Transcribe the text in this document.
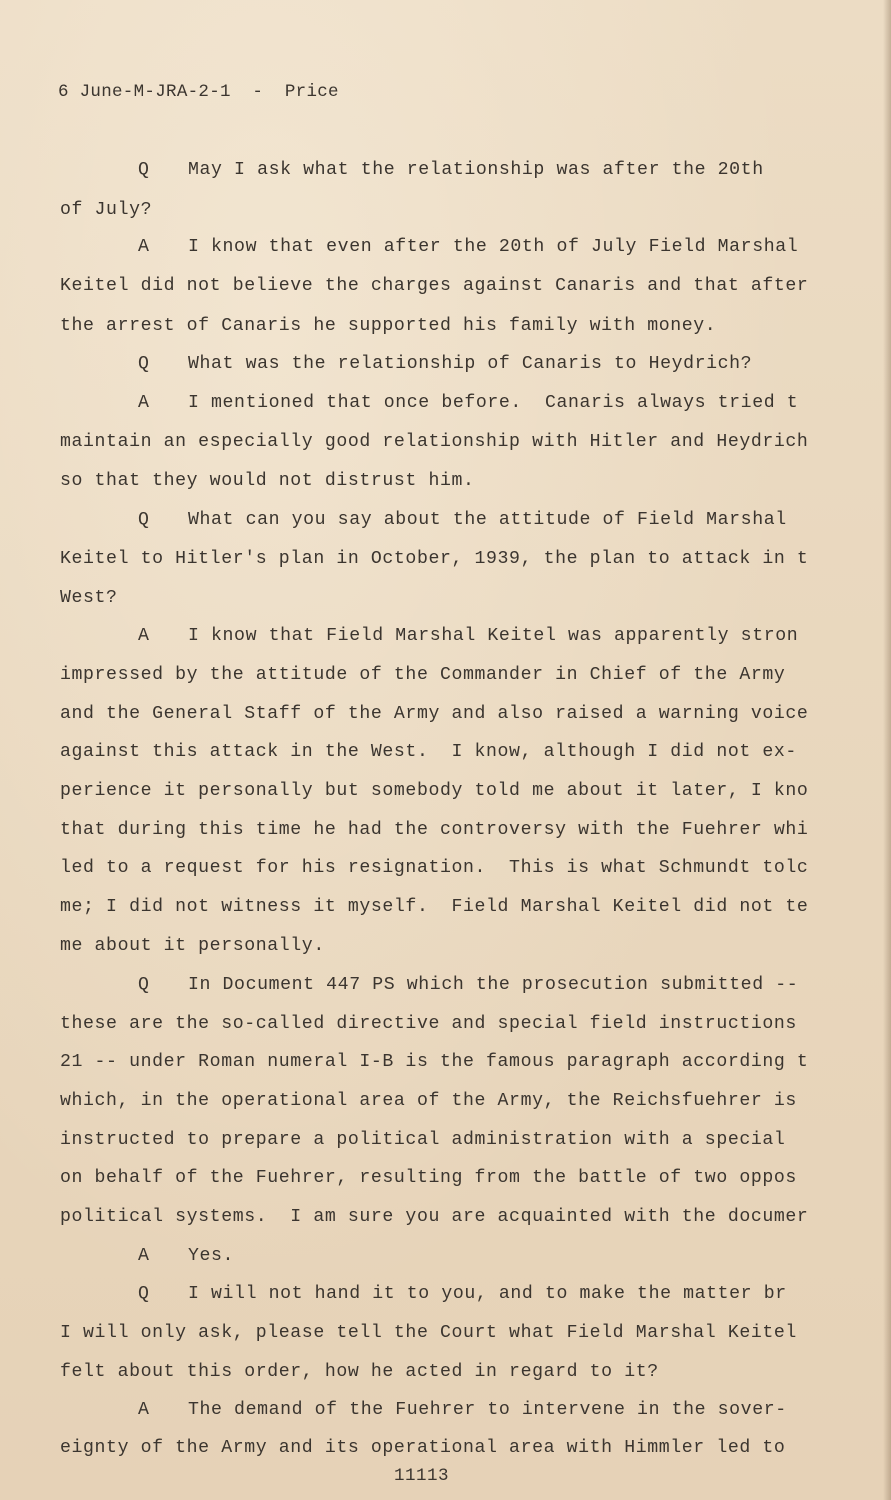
6 June-M-JRA-2-1  -  Price
Q May I ask what the relationship was after the 20th
of July?
A I know that even after the 20th of July Field Marshal
Keitel did not believe the charges against Canaris and that after
the arrest of Canaris he supported his family with money.
Q What was the relationship of Canaris to Heydrich?
A I mentioned that once before.  Canaris always tried t
maintain an especially good relationship with Hitler and Heydrich
so that they would not distrust him.
Q What can you say about the attitude of Field Marshal
Keitel to Hitler's plan in October, 1939, the plan to attack in t
West?
A I know that Field Marshal Keitel was apparently stron
impressed by the attitude of the Commander in Chief of the Army
and the General Staff of the Army and also raised a warning voice
against this attack in the West.  I know, although I did not ex-
perience it personally but somebody told me about it later, I kno
that during this time he had the controversy with the Fuehrer whi
led to a request for his resignation.  This is what Schmundt tolc
me; I did not witness it myself.  Field Marshal Keitel did not te
me about it personally.
Q In Document 447 PS which the prosecution submitted --
these are the so-called directive and special field instructions
21 -- under Roman numeral I-B is the famous paragraph according t
which, in the operational area of the Army, the Reichsfuehrer is
instructed to prepare a political administration with a special
on behalf of the Fuehrer, resulting from the battle of two oppos
political systems.  I am sure you are acquainted with the documer
A Yes.
Q I will not hand it to you, and to make the matter br
I will only ask, please tell the Court what Field Marshal Keitel
felt about this order, how he acted in regard to it?
A The demand of the Fuehrer to intervene in the sover-
eignty of the Army and its operational area with Himmler led to
11113
